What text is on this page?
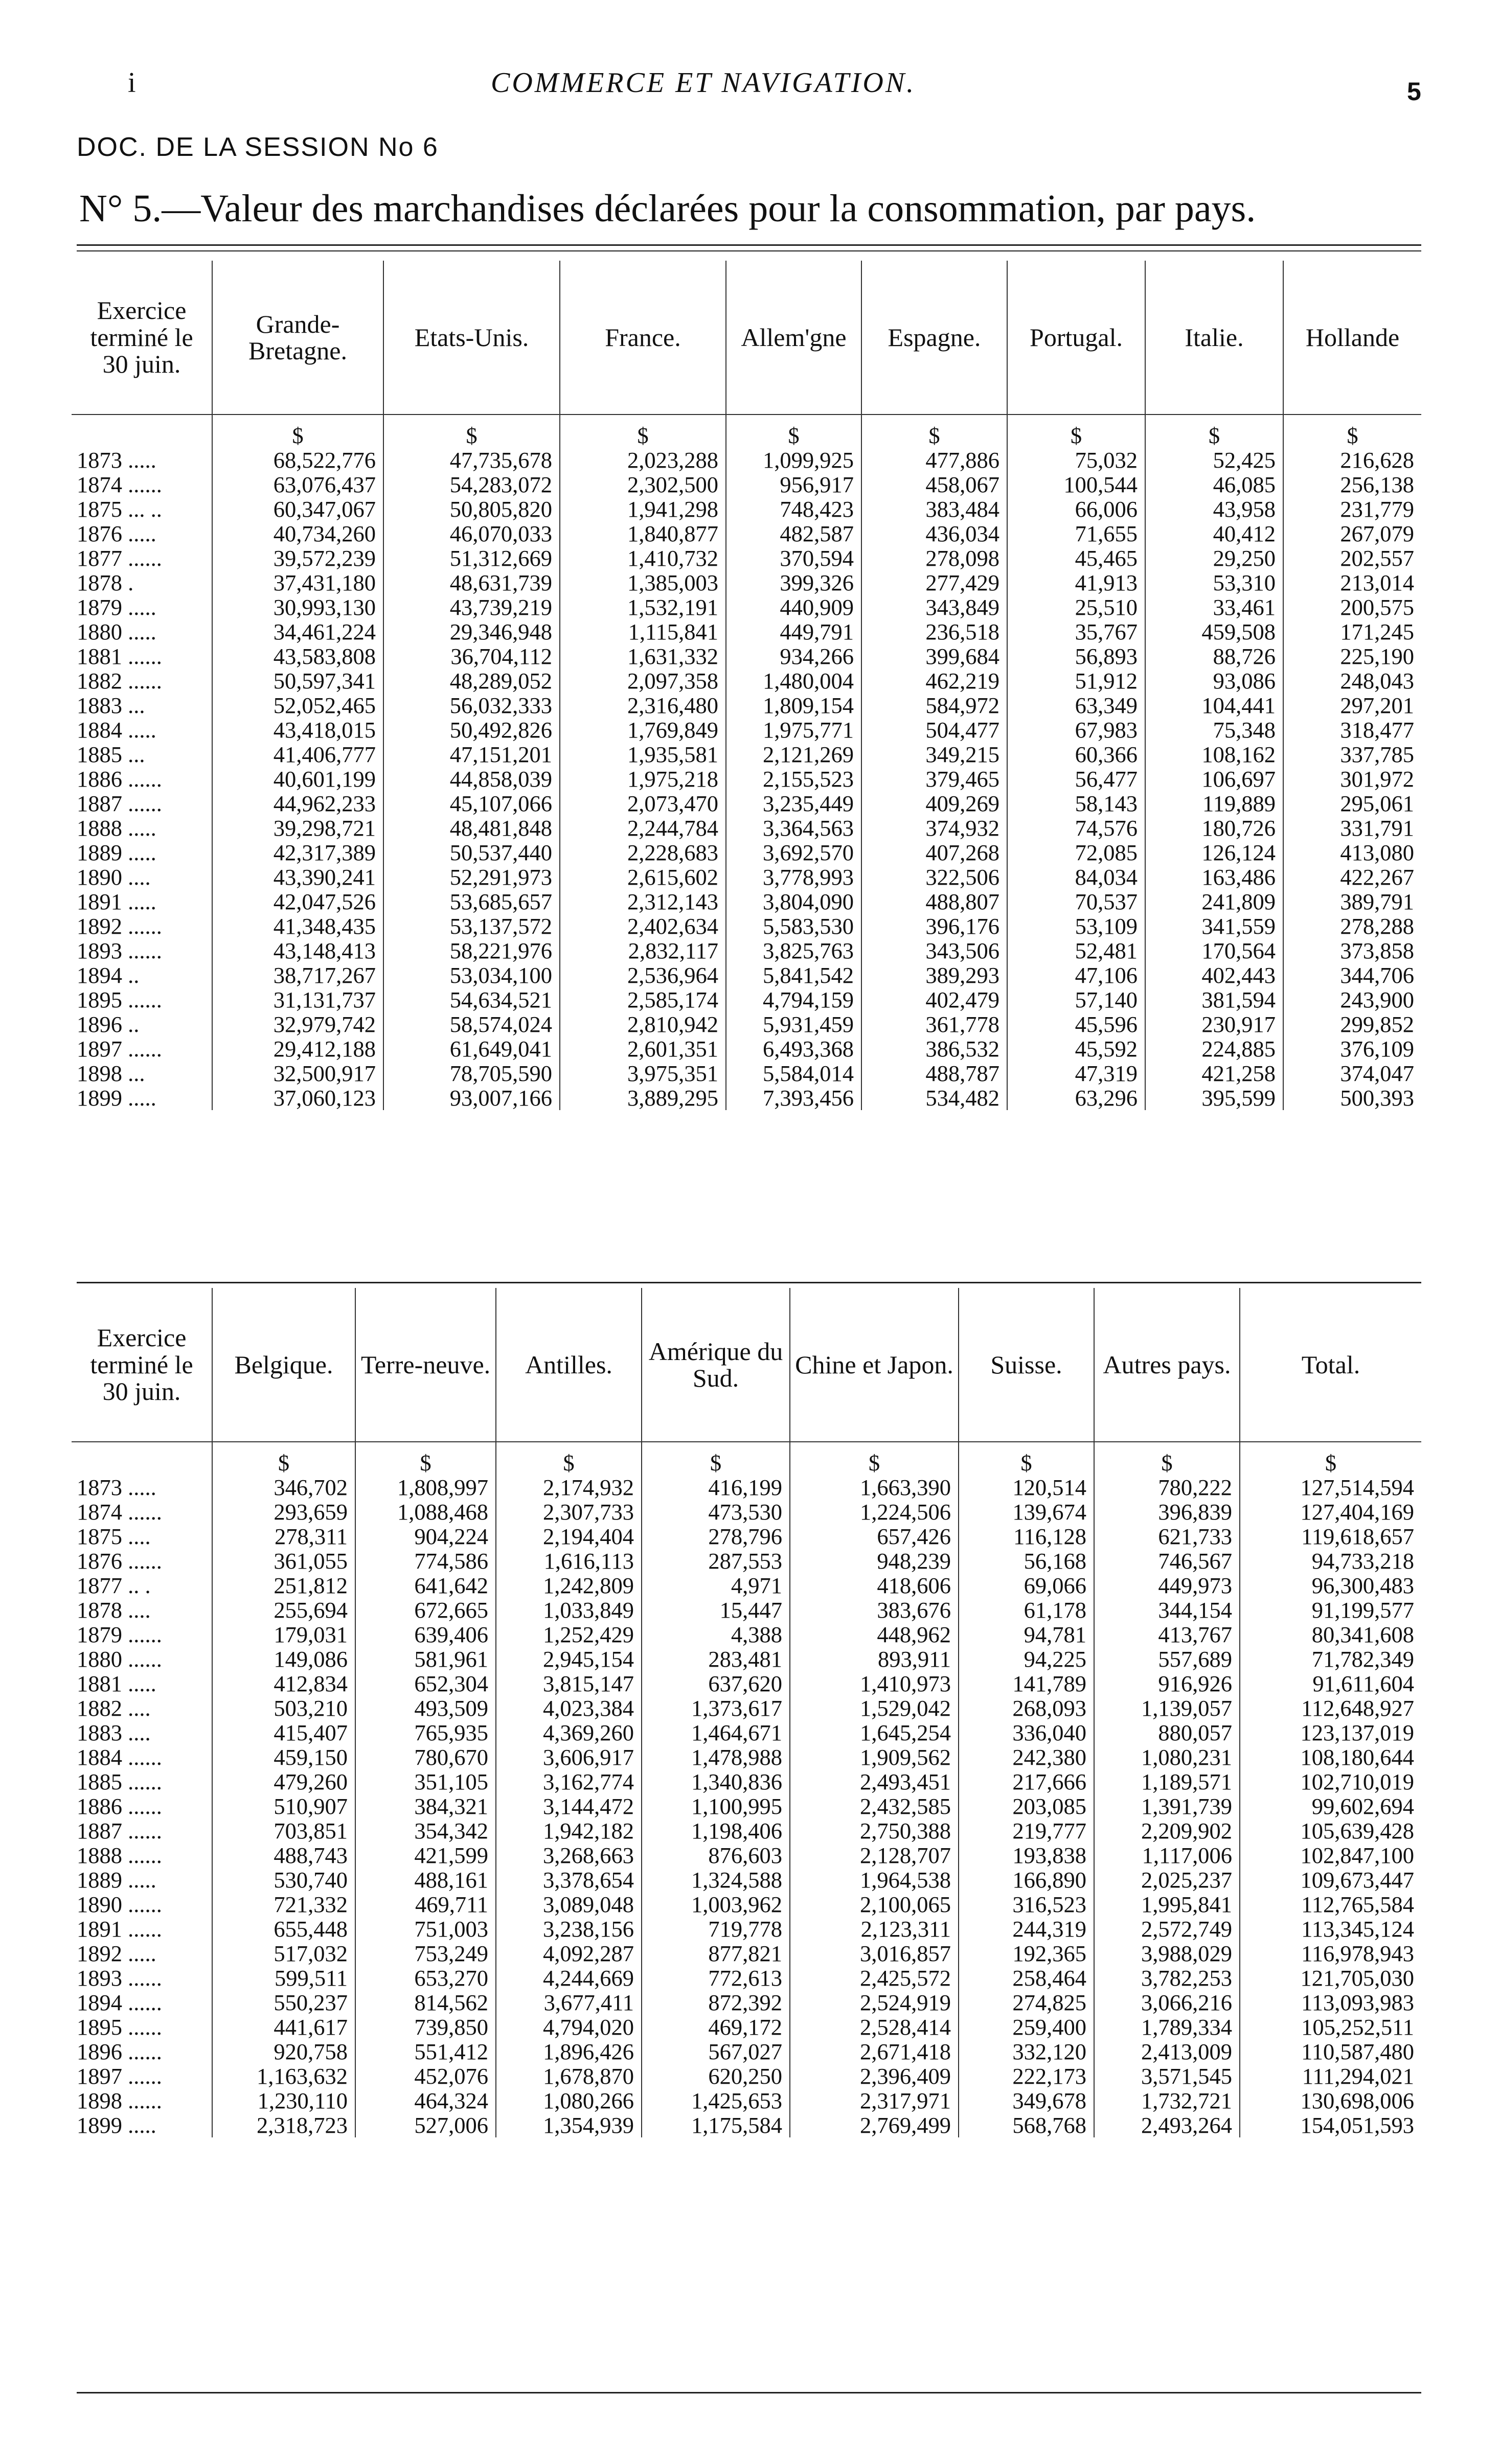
i	COMMERCE ET NAVIGATION.	5
DOC. DE LA SESSION No 6
N° 5.—Valeur des marchandises déclarées pour la consommation, par pays.
Exercice terminé le 30 juin.	Grande-Bretagne.	Etats-Unis.	France.	Allem'gne	Espagne.	Portugal.	Italie.	Hollande
	$	$	$	$	$	$	$	$
1873 .....	68,522,776	47,735,678	2,023,288	1,099,925	477,886	75,032	52,425	216,628
1874 ......	63,076,437	54,283,072	2,302,500	956,917	458,067	100,544	46,085	256,138
1875 ... ..	60,347,067	50,805,820	1,941,298	748,423	383,484	66,006	43,958	231,779
1876 .....	40,734,260	46,070,033	1,840,877	482,587	436,034	71,655	40,412	267,079
1877 ......	39,572,239	51,312,669	1,410,732	370,594	278,098	45,465	29,250	202,557
1878 .	37,431,180	48,631,739	1,385,003	399,326	277,429	41,913	53,310	213,014
1879 .....	30,993,130	43,739,219	1,532,191	440,909	343,849	25,510	33,461	200,575
1880 .....	34,461,224	29,346,948	1,115,841	449,791	236,518	35,767	459,508	171,245
1881 ......	43,583,808	36,704,112	1,631,332	934,266	399,684	56,893	88,726	225,190
1882 ......	50,597,341	48,289,052	2,097,358	1,480,004	462,219	51,912	93,086	248,043
1883 ...	52,052,465	56,032,333	2,316,480	1,809,154	584,972	63,349	104,441	297,201
1884 .....	43,418,015	50,492,826	1,769,849	1,975,771	504,477	67,983	75,348	318,477
1885 ...	41,406,777	47,151,201	1,935,581	2,121,269	349,215	60,366	108,162	337,785
1886 ......	40,601,199	44,858,039	1,975,218	2,155,523	379,465	56,477	106,697	301,972
1887 ......	44,962,233	45,107,066	2,073,470	3,235,449	409,269	58,143	119,889	295,061
1888 .....	39,298,721	48,481,848	2,244,784	3,364,563	374,932	74,576	180,726	331,791
1889 .....	42,317,389	50,537,440	2,228,683	3,692,570	407,268	72,085	126,124	413,080
1890 ....	43,390,241	52,291,973	2,615,602	3,778,993	322,506	84,034	163,486	422,267
1891 .....	42,047,526	53,685,657	2,312,143	3,804,090	488,807	70,537	241,809	389,791
1892 ......	41,348,435	53,137,572	2,402,634	5,583,530	396,176	53,109	341,559	278,288
1893 ......	43,148,413	58,221,976	2,832,117	3,825,763	343,506	52,481	170,564	373,858
1894 ..	38,717,267	53,034,100	2,536,964	5,841,542	389,293	47,106	402,443	344,706
1895 ......	31,131,737	54,634,521	2,585,174	4,794,159	402,479	57,140	381,594	243,900
1896 ..	32,979,742	58,574,024	2,810,942	5,931,459	361,778	45,596	230,917	299,852
1897 ......	29,412,188	61,649,041	2,601,351	6,493,368	386,532	45,592	224,885	376,109
1898 ...	32,500,917	78,705,590	3,975,351	5,584,014	488,787	47,319	421,258	374,047
1899 .....	37,060,123	93,007,166	3,889,295	7,393,456	534,482	63,296	395,599	500,393
Exercice terminé le 30 juin.	Belgique.	Terre-neuve.	Antilles.	Amérique du Sud.	Chine et Japon.	Suisse.	Autres pays.	Total.
	$	$	$	$	$	$	$	$
1873 .....	346,702	1,808,997	2,174,932	416,199	1,663,390	120,514	780,222	127,514,594
1874 ......	293,659	1,088,468	2,307,733	473,530	1,224,506	139,674	396,839	127,404,169
1875 ....	278,311	904,224	2,194,404	278,796	657,426	116,128	621,733	119,618,657
1876 ......	361,055	774,586	1,616,113	287,553	948,239	56,168	746,567	94,733,218
1877 .. .	251,812	641,642	1,242,809	4,971	418,606	69,066	449,973	96,300,483
1878 ....	255,694	672,665	1,033,849	15,447	383,676	61,178	344,154	91,199,577
1879 ......	179,031	639,406	1,252,429	4,388	448,962	94,781	413,767	80,341,608
1880 ......	149,086	581,961	2,945,154	283,481	893,911	94,225	557,689	71,782,349
1881 .....	412,834	652,304	3,815,147	637,620	1,410,973	141,789	916,926	91,611,604
1882 ....	503,210	493,509	4,023,384	1,373,617	1,529,042	268,093	1,139,057	112,648,927
1883 ....	415,407	765,935	4,369,260	1,464,671	1,645,254	336,040	880,057	123,137,019
1884 ......	459,150	780,670	3,606,917	1,478,988	1,909,562	242,380	1,080,231	108,180,644
1885 ......	479,260	351,105	3,162,774	1,340,836	2,493,451	217,666	1,189,571	102,710,019
1886 ......	510,907	384,321	3,144,472	1,100,995	2,432,585	203,085	1,391,739	99,602,694
1887 ......	703,851	354,342	1,942,182	1,198,406	2,750,388	219,777	2,209,902	105,639,428
1888 ......	488,743	421,599	3,268,663	876,603	2,128,707	193,838	1,117,006	102,847,100
1889 .....	530,740	488,161	3,378,654	1,324,588	1,964,538	166,890	2,025,237	109,673,447
1890 ......	721,332	469,711	3,089,048	1,003,962	2,100,065	316,523	1,995,841	112,765,584
1891 ......	655,448	751,003	3,238,156	719,778	2,123,311	244,319	2,572,749	113,345,124
1892 .....	517,032	753,249	4,092,287	877,821	3,016,857	192,365	3,988,029	116,978,943
1893 ......	599,511	653,270	4,244,669	772,613	2,425,572	258,464	3,782,253	121,705,030
1894 ......	550,237	814,562	3,677,411	872,392	2,524,919	274,825	3,066,216	113,093,983
1895 ......	441,617	739,850	4,794,020	469,172	2,528,414	259,400	1,789,334	105,252,511
1896 ......	920,758	551,412	1,896,426	567,027	2,671,418	332,120	2,413,009	110,587,480
1897 ......	1,163,632	452,076	1,678,870	620,250	2,396,409	222,173	3,571,545	111,294,021
1898 ......	1,230,110	464,324	1,080,266	1,425,653	2,317,971	349,678	1,732,721	130,698,006
1899 .....	2,318,723	527,006	1,354,939	1,175,584	2,769,499	568,768	2,493,264	154,051,593
